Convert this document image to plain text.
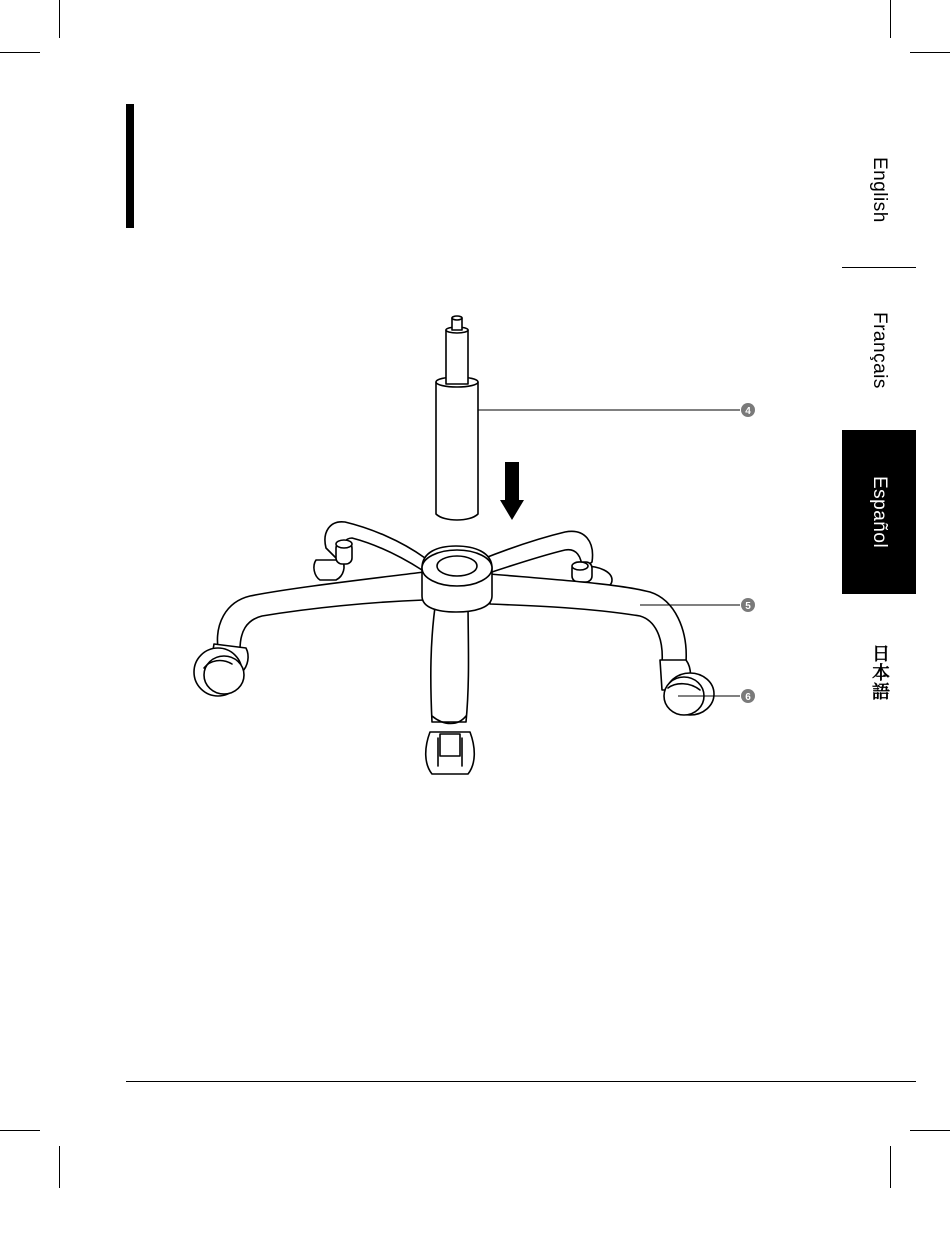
English
Français
Español
日本語
4
5
6
